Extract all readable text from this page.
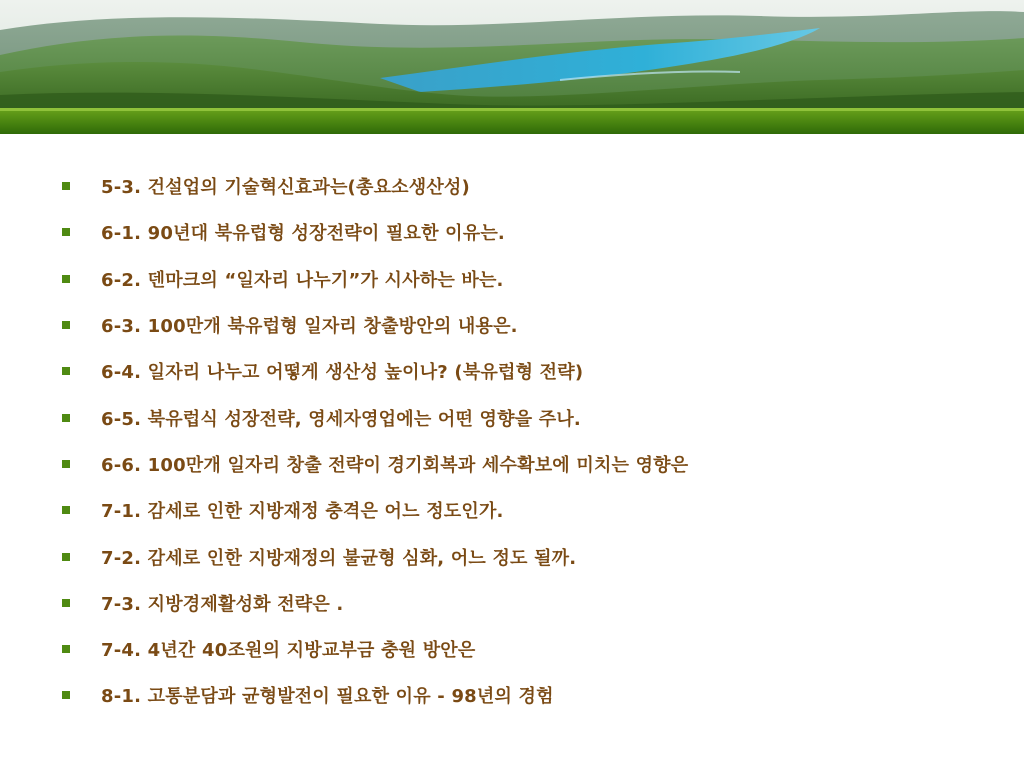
5-3. 건설업의 기술혁신효과는(총요소생산성)
6-1. 90년대 북유럽형 성장전략이 필요한 이유는.
6-2. 덴마크의 “일자리 나누기”가 시사하는 바는.
6-3. 100만개 북유럽형 일자리 창출방안의 내용은.
6-4. 일자리 나누고 어떻게 생산성 높이나? (북유럽형 전략)
6-5. 북유럽식 성장전략, 영세자영업에는 어떤 영향을 주나.
6-6. 100만개 일자리 창출 전략이 경기회복과 세수확보에 미치는 영향은
7-1. 감세로 인한 지방재정 충격은 어느 정도인가.
7-2. 감세로 인한 지방재정의 불균형 심화, 어느 정도 될까.
7-3. 지방경제활성화 전략은 .
7-4. 4년간 40조원의 지방교부금 충원 방안은
8-1. 고통분담과 균형발전이 필요한 이유 - 98년의 경험
